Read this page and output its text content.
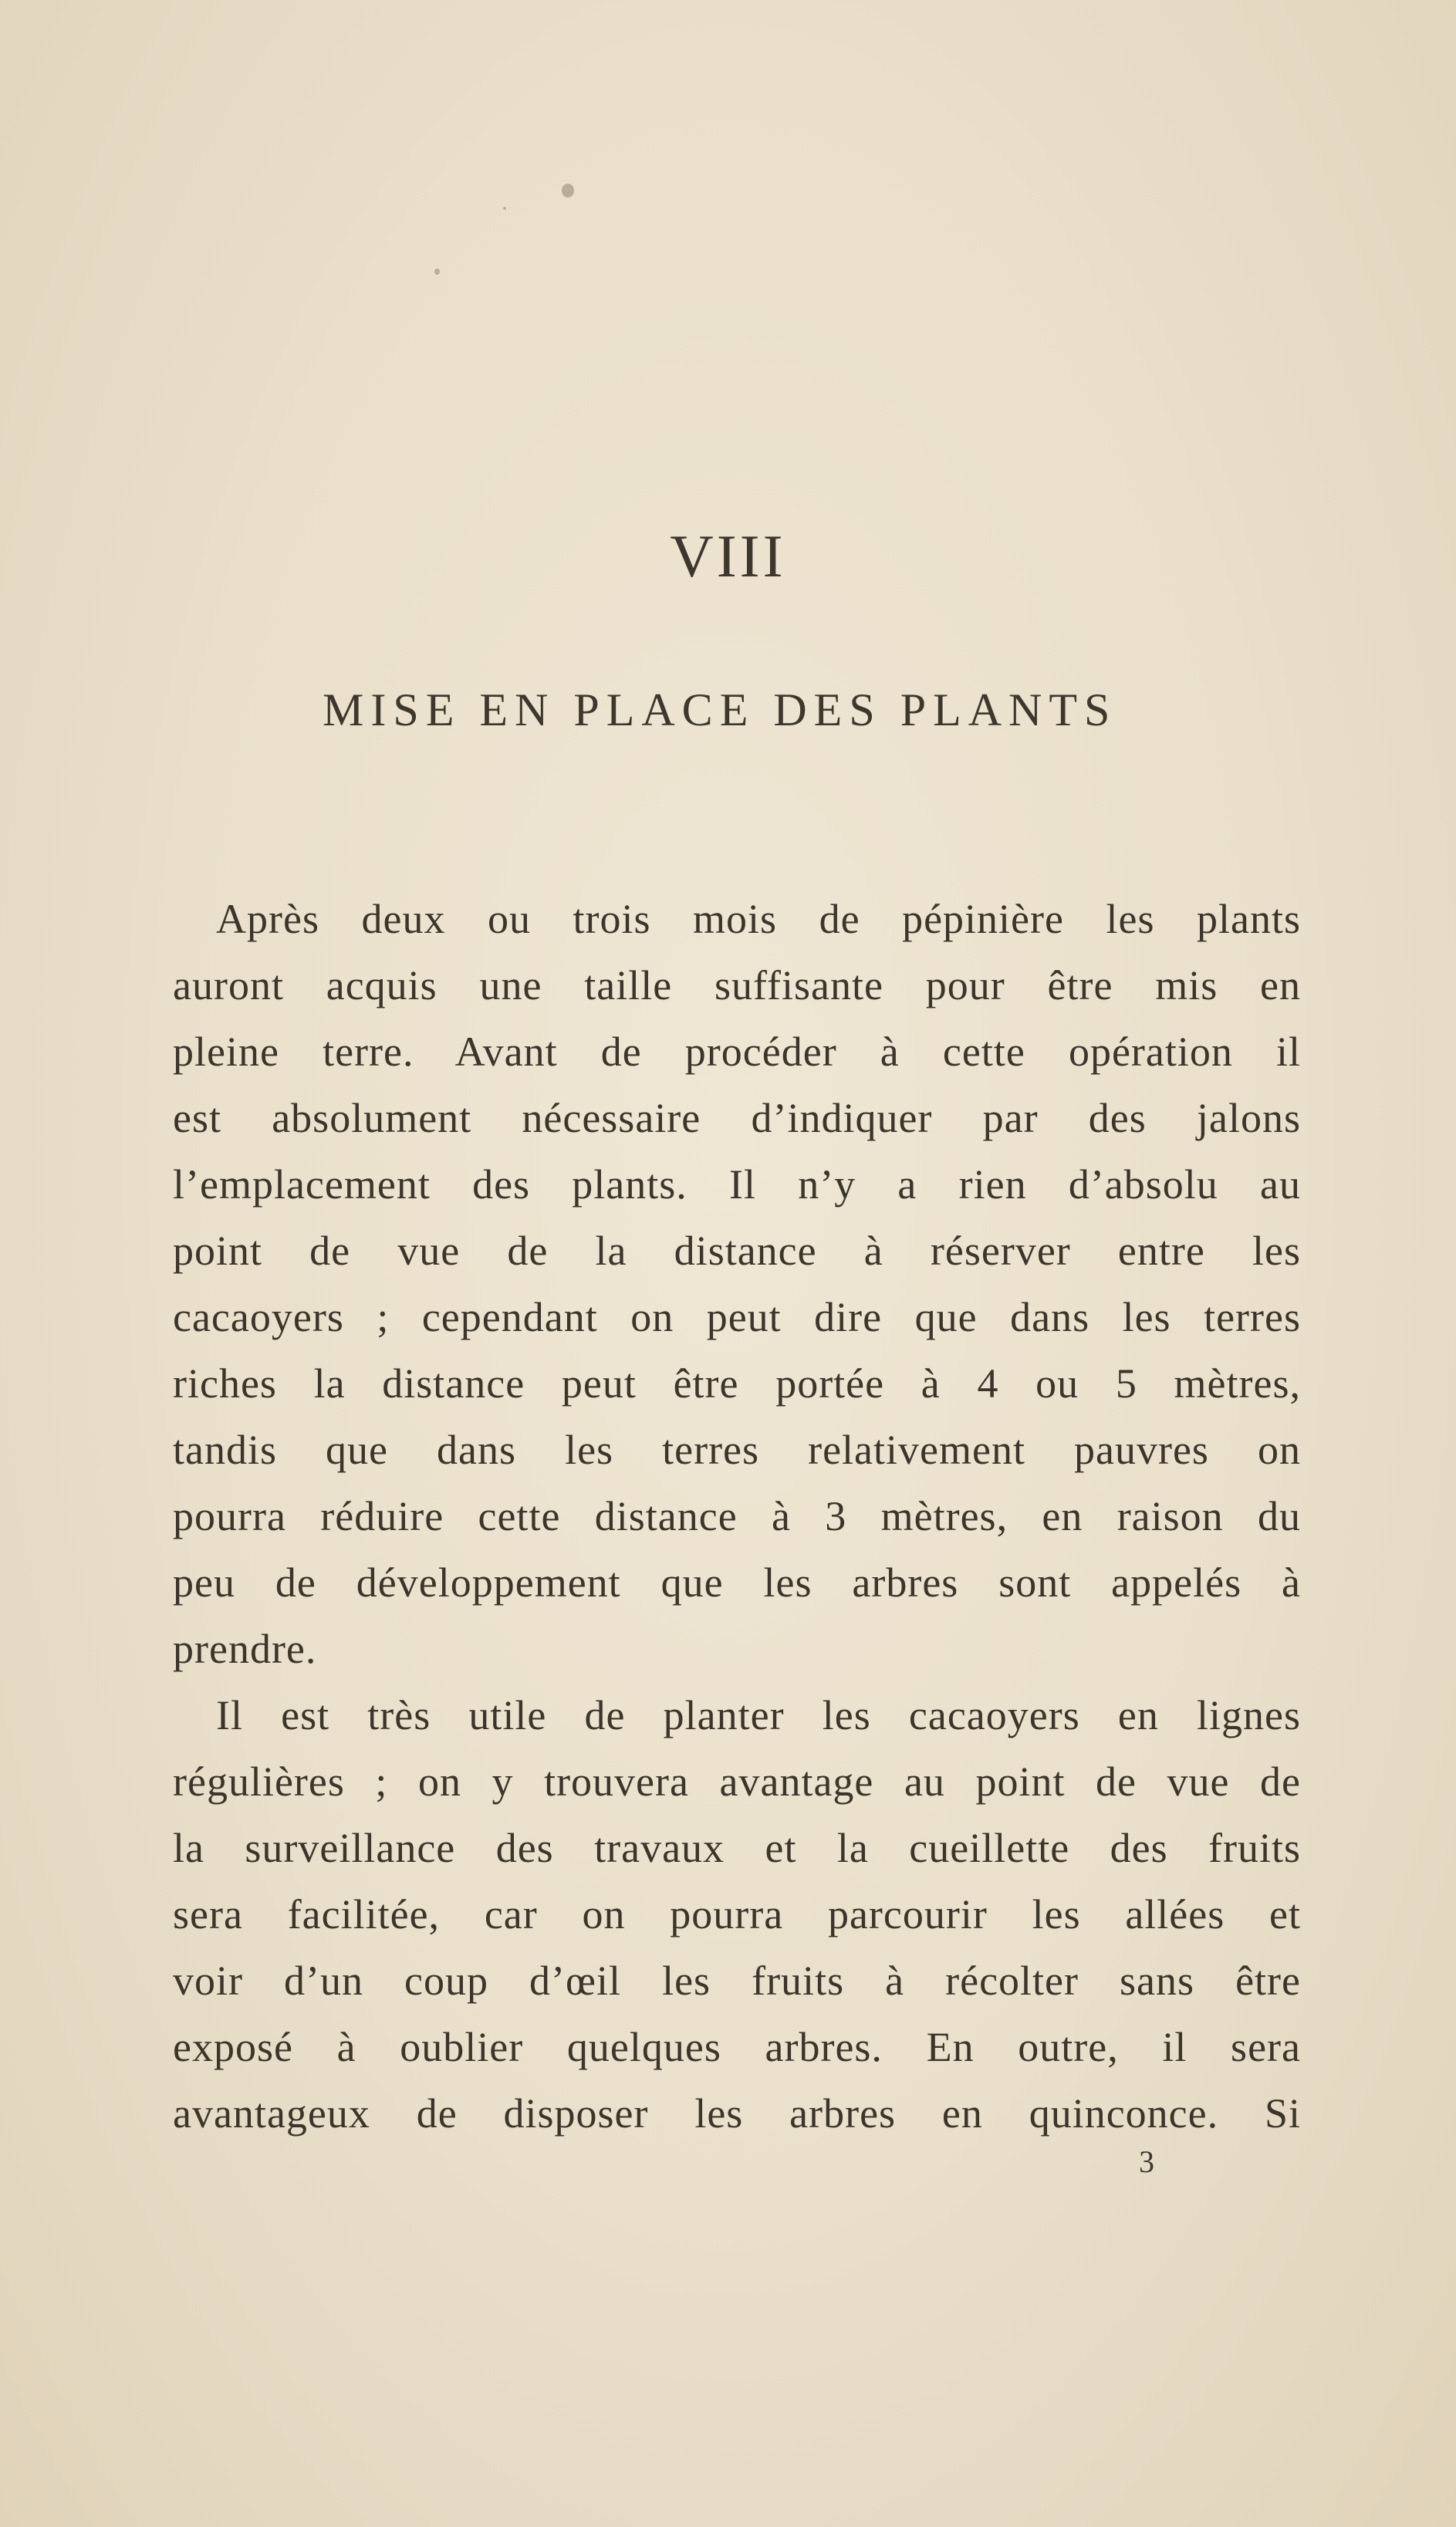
VIII
MISE EN PLACE DES PLANTS
Après deux ou trois mois de pépinière les plants
auront acquis une taille suffisante pour être mis en
pleine terre. Avant de procéder à cette opération il
est absolument nécessaire d’indiquer par des jalons
l’emplacement des plants. Il n’y a rien d’absolu au
point de vue de la distance à réserver entre les
cacaoyers ; cependant on peut dire que dans les terres
riches la distance peut être portée à 4 ou 5 mètres,
tandis que dans les terres relativement pauvres on
pourra réduire cette distance à 3 mètres, en raison du
peu de développement que les arbres sont appelés à
prendre.
Il est très utile de planter les cacaoyers en lignes
régulières ; on y trouvera avantage au point de vue de
la surveillance des travaux et la cueillette des fruits
sera facilitée, car on pourra parcourir les allées et
voir d’un coup d’œil les fruits à récolter sans être
exposé à oublier quelques arbres. En outre, il sera
avantageux de disposer les arbres en quinconce. Si
3
